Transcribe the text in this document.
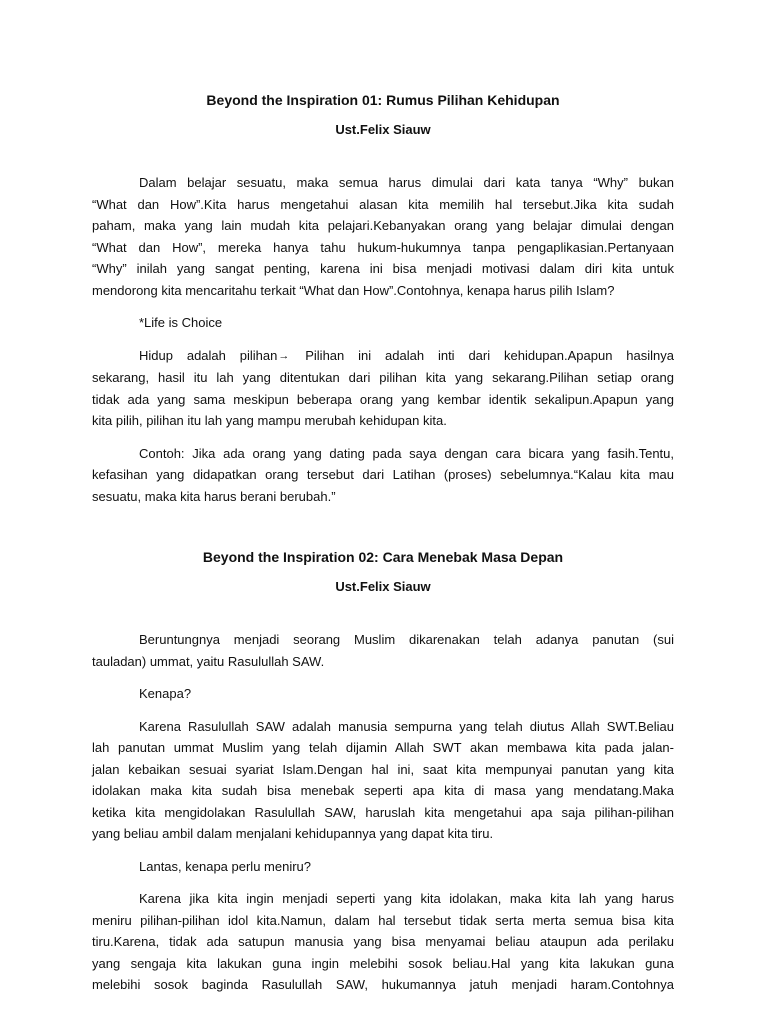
Beyond the Inspiration 01: Rumus Pilihan Kehidupan
Ust.Felix Siauw

Dalam belajar sesuatu, maka semua harus dimulai dari kata tanya “Why” bukan
“What dan How”.Kita harus mengetahui alasan kita memilih hal tersebut.Jika kita sudah
paham, maka yang lain mudah kita pelajari.Kebanyakan orang yang belajar dimulai dengan
“What dan How”, mereka hanya tahu hukum-hukumnya tanpa pengaplikasian.Pertanyaan
“Why” inilah yang sangat penting, karena ini bisa menjadi motivasi dalam diri kita untuk
mendorong kita mencaritahu terkait “What dan How”.Contohnya, kenapa harus pilih Islam?

*Life is Choice

Hidup adalah pilihan→ Pilihan ini adalah inti dari kehidupan.Apapun hasilnya
sekarang, hasil itu lah yang ditentukan dari pilihan kita yang sekarang.Pilihan setiap orang
tidak ada yang sama meskipun beberapa orang yang kembar identik sekalipun.Apapun yang
kita pilih, pilihan itu lah yang mampu merubah kehidupan kita.

Contoh: Jika ada orang yang dating pada saya dengan cara bicara yang fasih.Tentu,
kefasihan yang didapatkan orang tersebut dari Latihan (proses) sebelumnya.“Kalau kita mau
sesuatu, maka kita harus berani berubah.”

Beyond the Inspiration 02: Cara Menebak Masa Depan
Ust.Felix Siauw

Beruntungnya menjadi seorang Muslim dikarenakan telah adanya panutan (sui
tauladan) ummat, yaitu Rasulullah SAW.

Kenapa?

Karena Rasulullah SAW adalah manusia sempurna yang telah diutus Allah SWT.Beliau
lah panutan ummat Muslim yang telah dijamin Allah SWT akan membawa kita pada jalan-
jalan kebaikan sesuai syariat Islam.Dengan hal ini, saat kita mempunyai panutan yang kita
idolakan maka kita sudah bisa menebak seperti apa kita di masa yang mendatang.Maka
ketika kita mengidolakan Rasulullah SAW, haruslah kita mengetahui apa saja pilihan-pilihan
yang beliau ambil dalam menjalani kehidupannya yang dapat kita tiru.

Lantas, kenapa perlu meniru?

Karena jika kita ingin menjadi seperti yang kita idolakan, maka kita lah yang harus
meniru pilihan-pilihan idol kita.Namun, dalam hal tersebut tidak serta merta semua bisa kita
tiru.Karena, tidak ada satupun manusia yang bisa menyamai beliau ataupun ada perilaku
yang sengaja kita lakukan guna ingin melebihi sosok beliau.Hal yang kita lakukan guna
melebihi sosok baginda Rasulullah SAW, hukumannya jatuh menjadi haram.Contohnya
